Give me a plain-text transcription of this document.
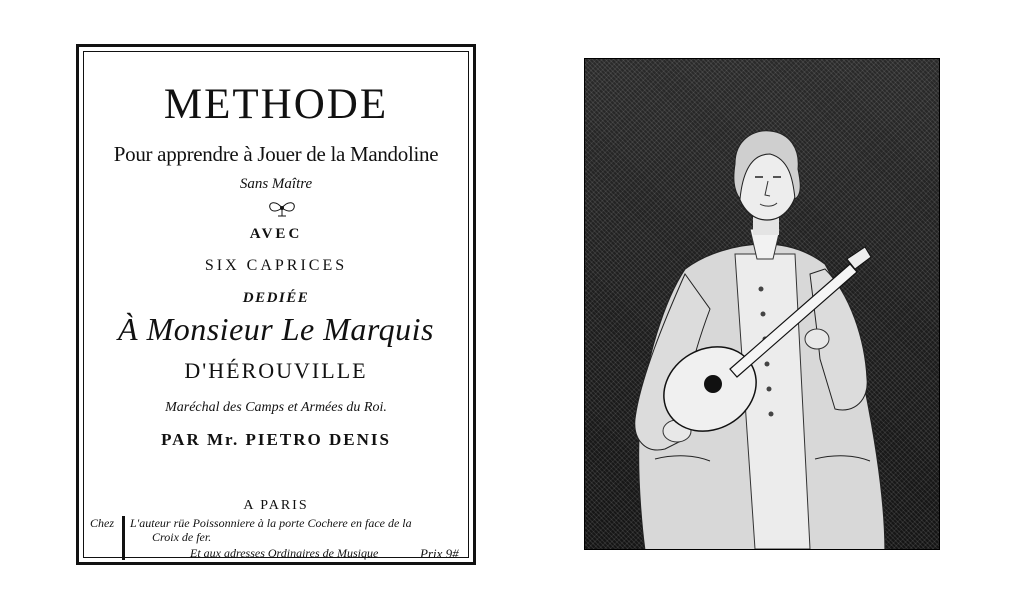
METHODE
Pour apprendre à Jouer de la Mandoline
Sans Maître
AVEC
SIX CAPRICES
DEDIÉE
À Monsieur Le Marquis
D'HÉROUVILLE
Maréchal des Camps et Armées du Roi.
PAR Mr. PIETRO DENIS
A PARIS
Chez L'auteur rüe Poissonniere à la porte Cochere en face de la
Croix de fer.
Et aux adresses Ordinaires de Musique	Prix 9#
